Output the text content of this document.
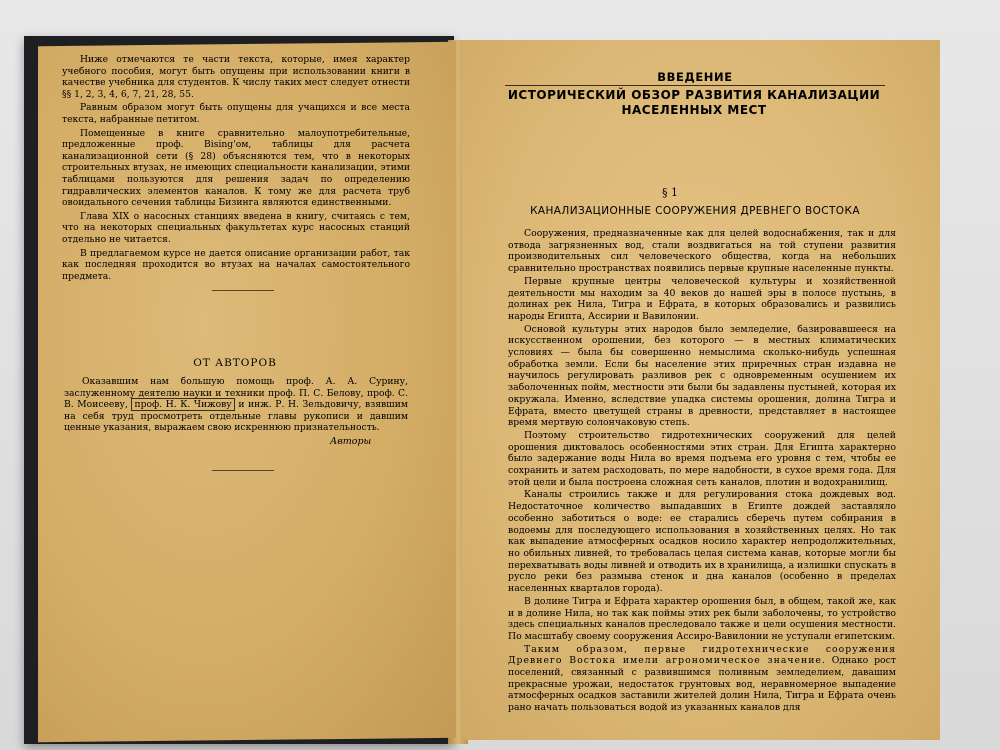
Ниже отмечаются те части текста, которые, имея характер учебного пособия, могут быть опущены при использовании книги в качестве учебника для студентов. К числу таких мест следует отнести §§ 1, 2, 3, 4, 6, 7, 21, 28, 55.

Равным образом могут быть опущены для учащихся и все места текста, набранные петитом.

Помещенные в книге сравнительно малоупотребительные, предложенные проф. Bising'ом, таблицы для расчета канализационной сети (§ 28) объясняются тем, что в некоторых строительных втузах, не имеющих специальности канализации, этими таблицами пользуются для решения задач по определению гидравлических элементов каналов. К тому же для расчета труб овоидального сечения таблицы Бизинга являются единственными.

Глава XIX о насосных станциях введена в книгу, считаясь с тем, что на некоторых специальных факультетах курс насосных станций отдельно не читается.

В предлагаемом курсе не дается описание организации работ, так как последняя проходится во втузах на началах самостоятельного предмета.

ОТ АВТОРОВ

Оказавшим нам большую помощь проф. А. А. Сурину, заслуженному деятелю науки и техники проф. П. С. Белову, проф. С. В. Моисееву, проф. Н. К. Чижову и инж. Р. Н. Зельдовичу, взявшим на себя труд просмотреть отдельные главы рукописи и давшим ценные указания, выражаем свою искреннюю признательность.

Авторы
ВВЕДЕНИЕ
ИСТОРИЧЕСКИЙ ОБЗОР РАЗВИТИЯ КАНАЛИЗАЦИИ НАСЕЛЕННЫХ МЕСТ
§ 1
КАНАЛИЗАЦИОННЫЕ СООРУЖЕНИЯ ДРЕВНЕГО ВОСТОКА

Сооружения, предназначенные как для целей водоснабжения, так и для отвода загрязненных вод, стали воздвигаться на той ступени развития производительных сил человеческого общества, когда на небольших сравнительно пространствах появились первые крупные населенные пункты.

Первые крупные центры человеческой культуры и хозяйственной деятельности мы находим за 40 веков до нашей эры в полосе пустынь, в долинах рек Нила, Тигра и Ефрата, в которых образовались и развились народы Египта, Ассирии и Вавилонии.

Основой культуры этих народов было земледелие, базировавшееся на искусственном орошении, без которого — в местных климатических условиях — была бы совершенно немыслима сколько-нибудь успешная обработка земли. Если бы население этих приречных стран издавна не научилось регулировать разливов рек с одновременным осушением их заболоченных пойм, местности эти были бы задавлены пустыней, которая их окружала. Именно, вследствие упадка системы орошения, долина Тигра и Ефрата, вместо цветущей страны в древности, представляет в настоящее время мертвую солончаковую степь.

Поэтому строительство гидротехнических сооружений для целей орошения диктовалось особенностями этих стран. Для Египта характерно было задержание воды Нила во время подъема его уровня с тем, чтобы ее сохранить и затем расходовать, по мере надобности, в сухое время года. Для этой цели и была построена сложная сеть каналов, плотин и водохранилищ.

Каналы строились также и для регулирования стока дождевых вод. Недостаточное количество выпадавших в Египте дождей заставляло особенно заботиться о воде: ее старались сберечь путем собирания в водоемы для последующего использования в хозяйственных целях. Но так как выпадение атмосферных осадков носило характер непродолжительных, но обильных ливней, то требовалась целая система канав, которые могли бы перехватывать воды ливней и отводить их в хранилища, а излишки спускать в русло реки без размыва стенок и дна каналов (особенно в пределах населенных кварталов города).

В долине Тигра и Ефрата характер орошения был, в общем, такой же, как и в долине Нила, но так как поймы этих рек были заболочены, то устройство здесь специальных каналов преследовало также и цели осушения местности. По масштабу своему сооружения Ассиро-Вавилонии не уступали египетским.

Таким образом, первые гидротехнические сооружения Древнего Востока имели агрономическое значение. Однако рост поселений, связанный с развившимся поливным земледелием, давашим прекрасные урожаи, недостаток грунтовых вод, неравномерное выпадение атмосферных осадков заставили жителей долин Нила, Тигра и Ефрата очень рано начать пользоваться водой из указанных каналов для
